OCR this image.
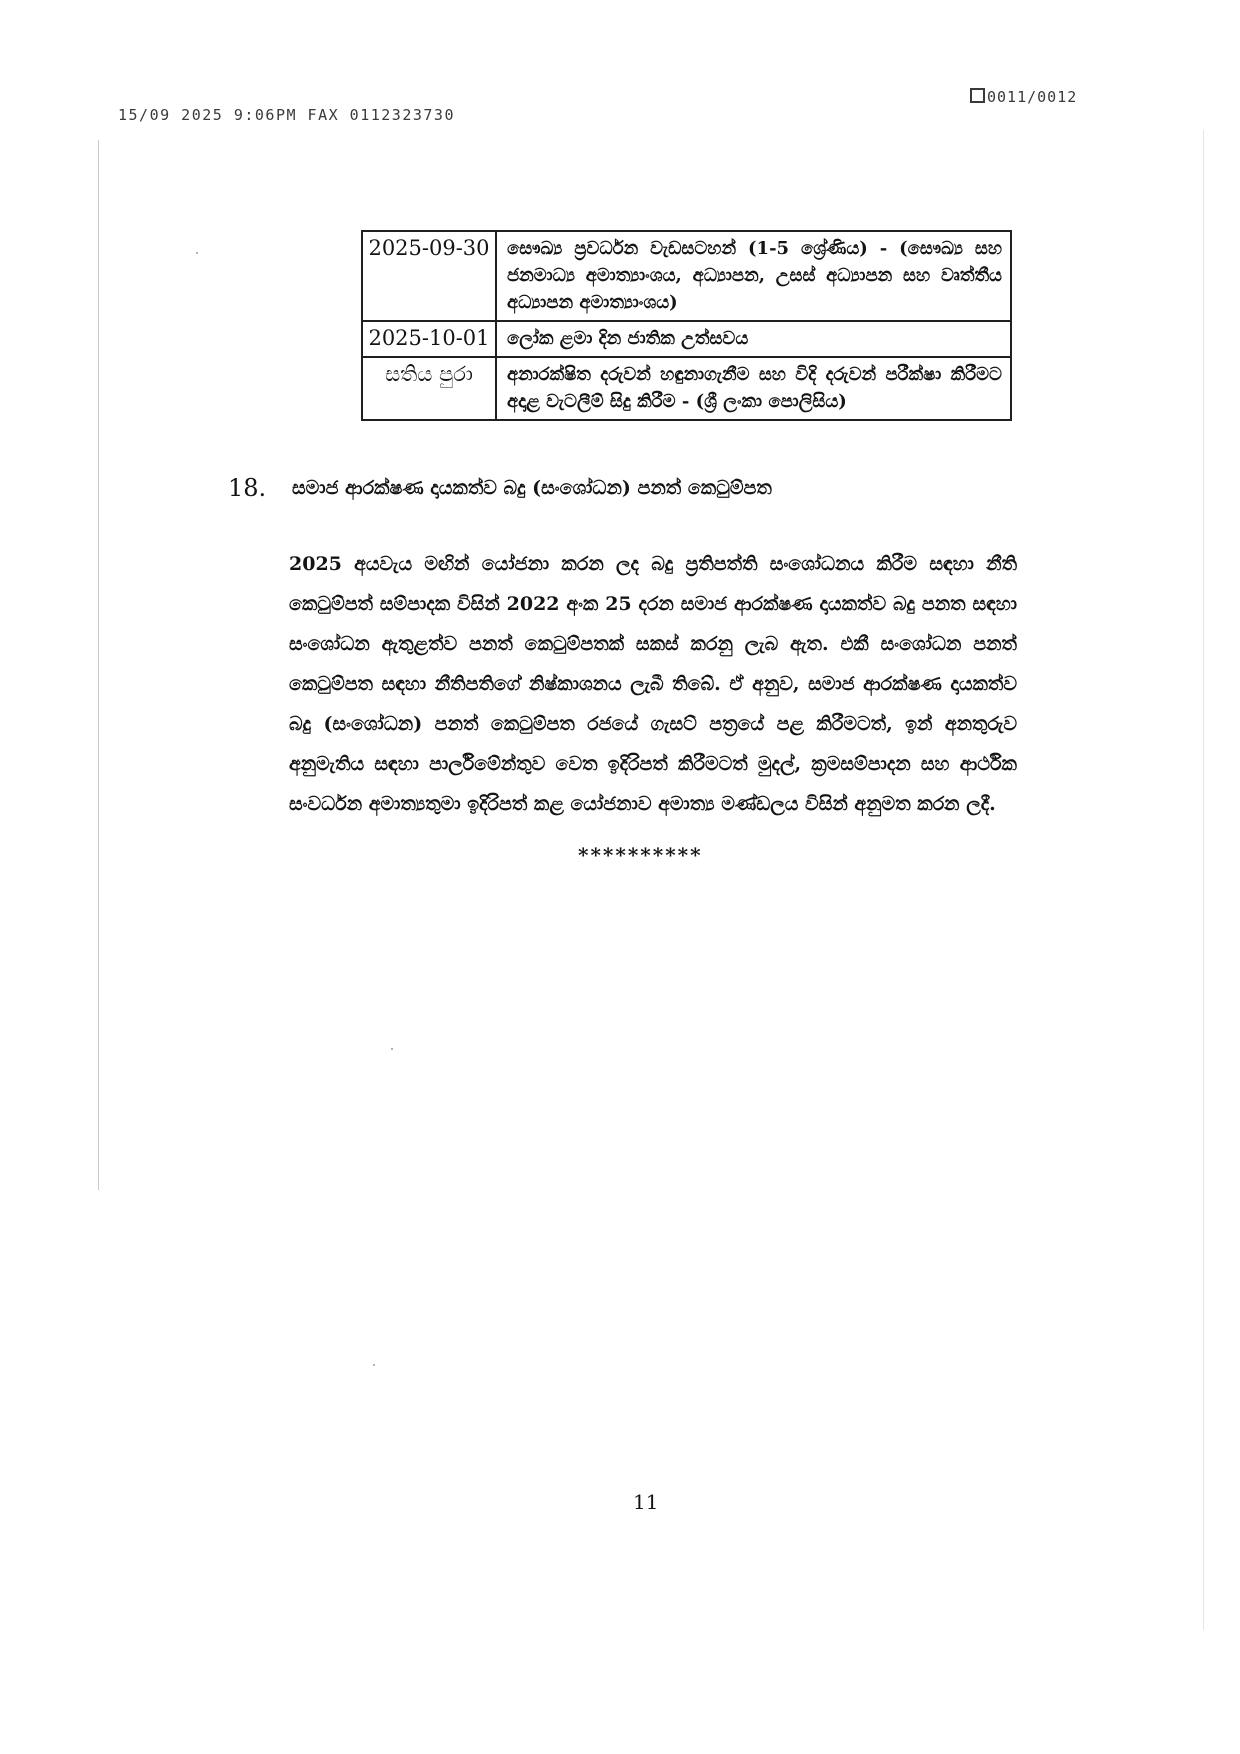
15/09 2025 9:06PM FAX 0112323730
0011/0012
2025-09-30	සෞඛ්‍ය ප්‍රවර්ධන වැඩසටහන් (1-5 ශ්‍රේණිය) - (සෞඛ්‍ය සහ ජනමාධ්‍ය අමාත්‍යාංශය, අධ්‍යාපන, උසස් අධ්‍යාපන සහ වෘත්තීය අධ්‍යාපන අමාත්‍යාංශය)
2025-10-01	ලෝක ළමා දින ජාතික උත්සවය
සතිය පුරා	අනාරක්ෂිත දරුවන් හඳුනාගැනීම සහ විදි දරුවන් පරීක්ෂා කිරීමට අදාළ වැටලීම් සිදු කිරීම - (ශ්‍රී ලංකා පොලිසිය)
18. සමාජ ආරක්ෂණ දායකත්ව බදු (සංශෝධන) පනත් කෙටුම්පත
2025 අයවැය මඟින් යෝජනා කරන ලද බදු ප්‍රතිපත්ති සංශෝධනය කිරීම සඳහා නීති කෙටුම්පත් සම්පාදක විසින් 2022 අංක 25 දරන සමාජ ආරක්ෂණ දායකත්ව බදු පනත සඳහා සංශෝධන ඇතුළත්ව පනත් කෙටුම්පතක් සකස් කරනු ලැබ ඇත. එකී සංශෝධන පනත් කෙටුම්පත සඳහා නීතිපතිගේ නිෂ්කාශනය ලැබී තිබේ. ඒ අනුව, සමාජ ආරක්ෂණ දායකත්ව බදු (සංශෝධන) පනත් කෙටුම්පත රජයේ ගැසට් පත්‍රයේ පළ කිරීමටත්, ඉන් අනතුරුව අනුමැතිය සඳහා පාර්ලිමේන්තුව වෙත ඉදිරිපත් කිරීමටත් මුදල්, ක්‍රමසම්පාදන සහ ආර්ථික සංවර්ධන අමාත්‍යතුමා ඉදිරිපත් කළ යෝජනාව අමාත්‍ය මණ්ඩලය විසින් අනුමත කරන ලදී.
**********
11
